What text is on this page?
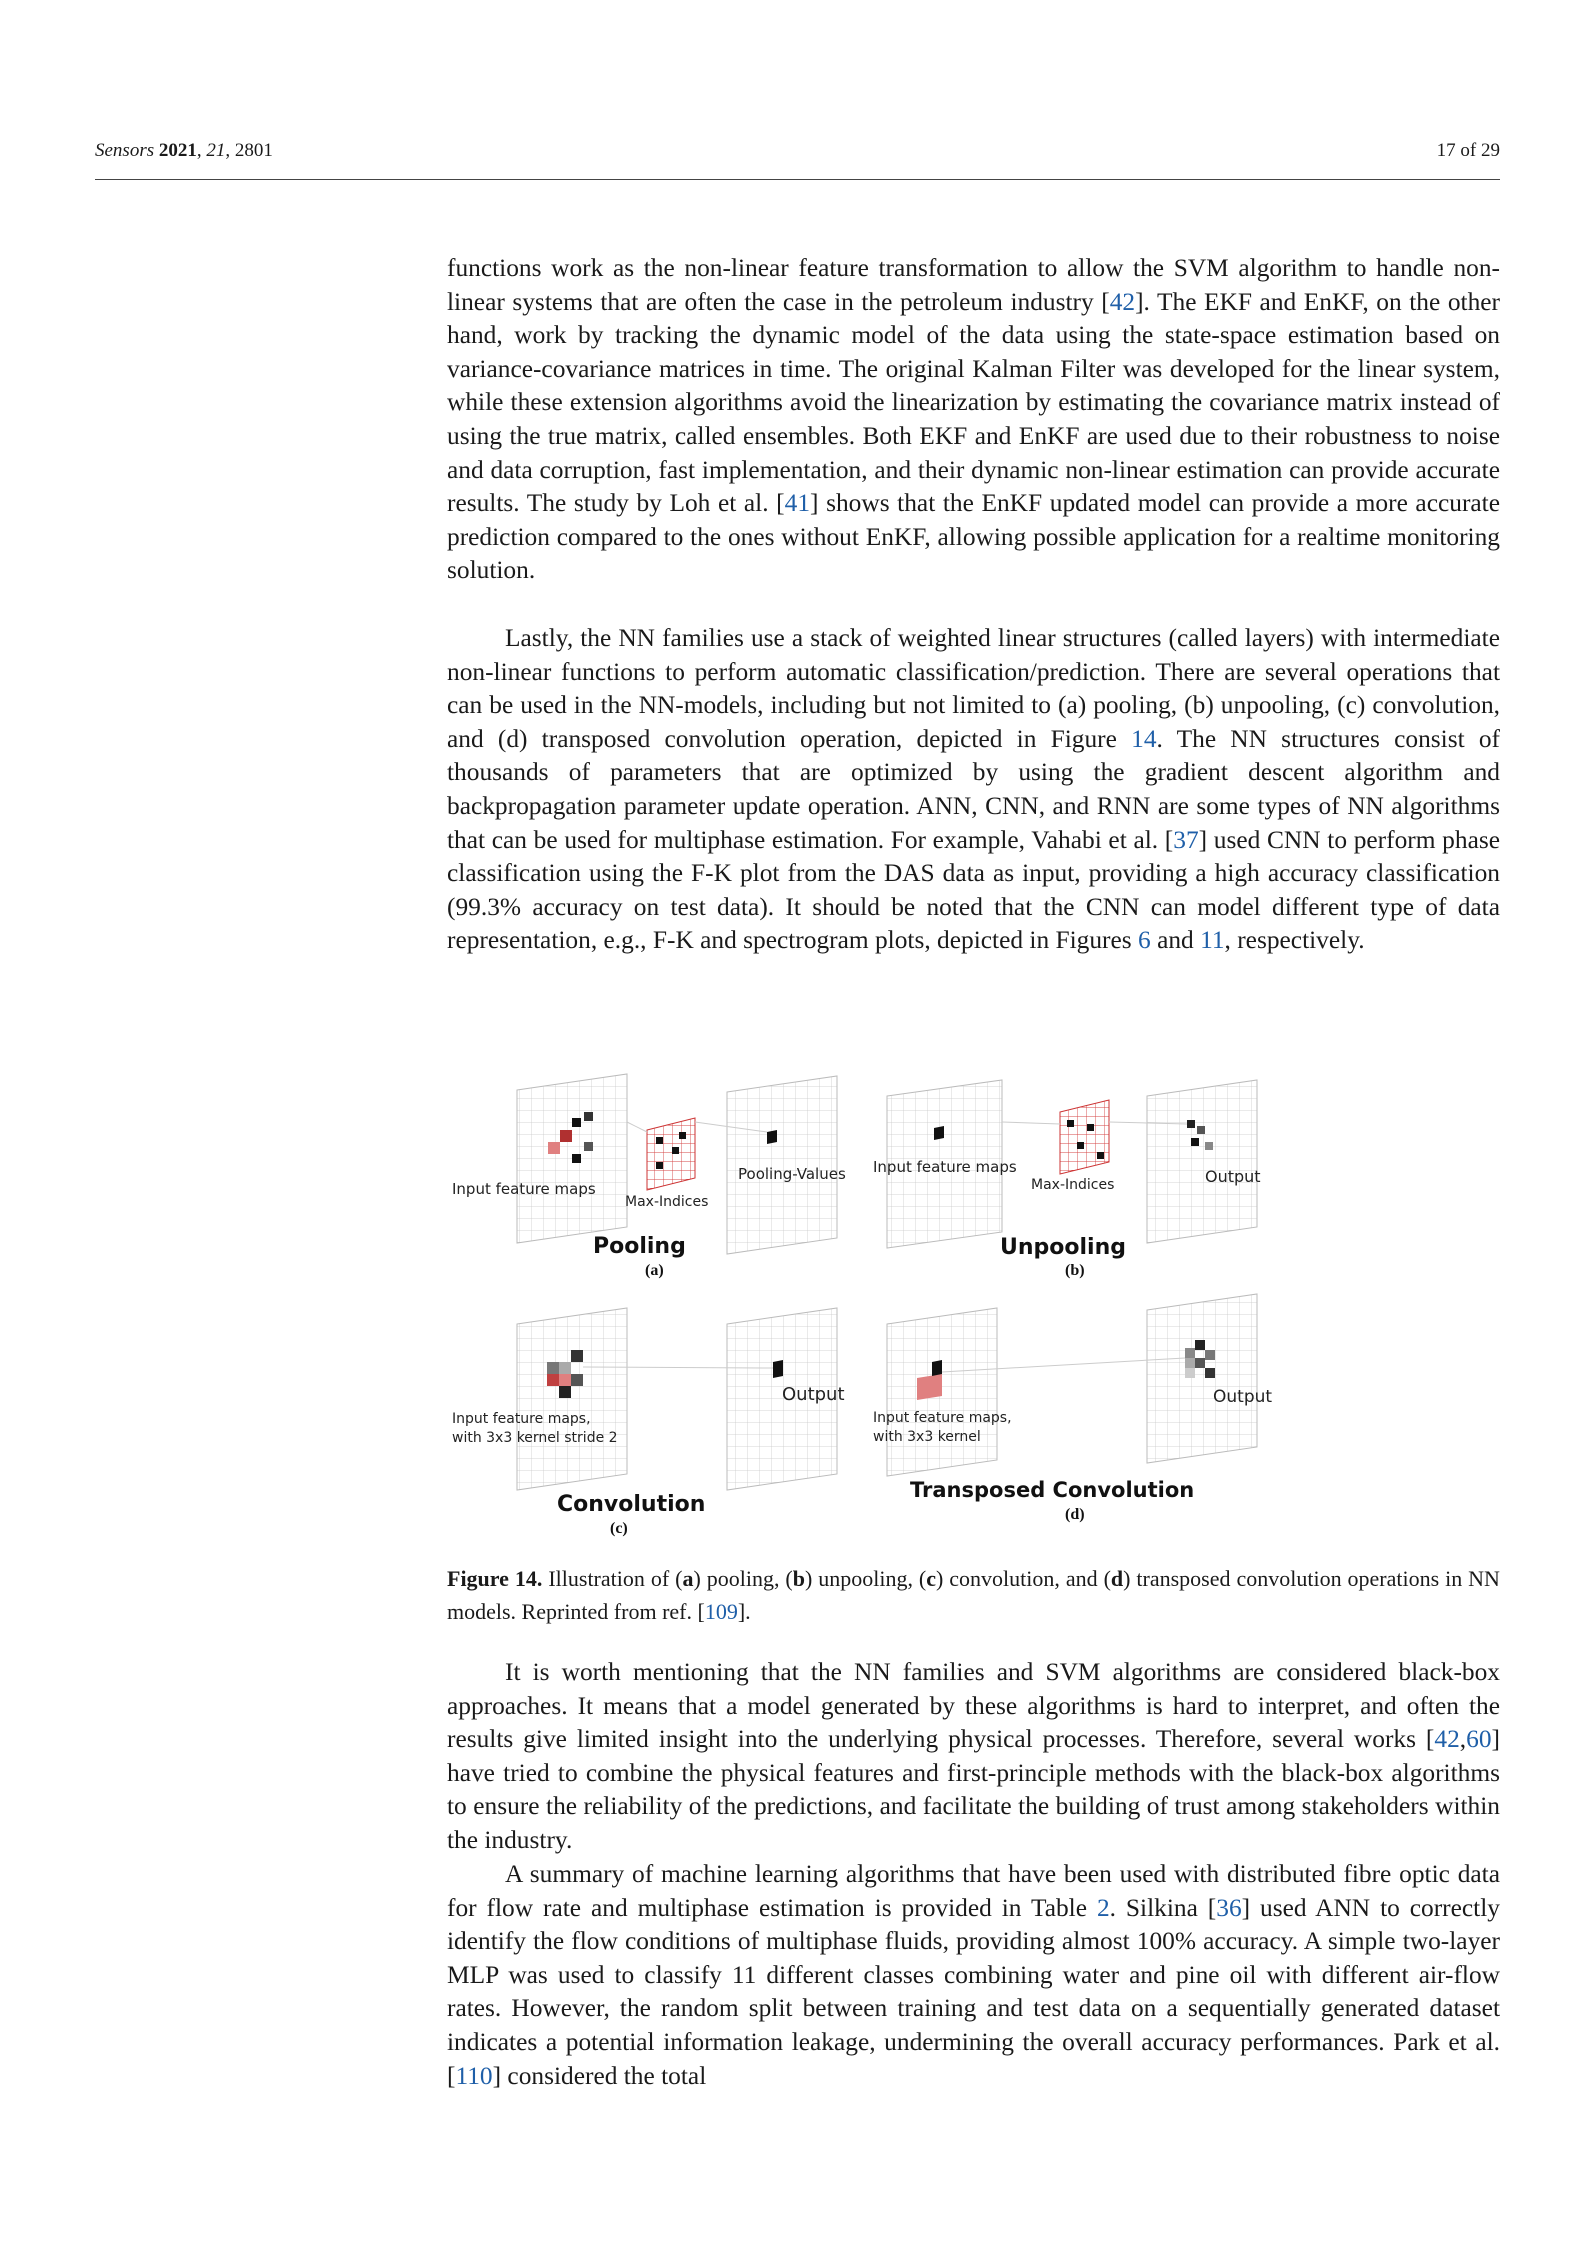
Sensors 2021, 21, 2801	17 of 29

functions work as the non-linear feature transformation to allow the SVM algorithm to handle non-linear systems that are often the case in the petroleum industry [42]. The EKF and EnKF, on the other hand, work by tracking the dynamic model of the data using the state-space estimation based on variance-covariance matrices in time. The original Kalman Filter was developed for the linear system, while these extension algorithms avoid the linearization by estimating the covariance matrix instead of using the true matrix, called ensembles. Both EKF and EnKF are used due to their robustness to noise and data corruption, fast implementation, and their dynamic non-linear estimation can provide accurate results. The study by Loh et al. [41] shows that the EnKF updated model can provide a more accurate prediction compared to the ones without EnKF, allowing possible application for a realtime monitoring solution.

Lastly, the NN families use a stack of weighted linear structures (called layers) with intermediate non-linear functions to perform automatic classification/prediction. There are several operations that can be used in the NN-models, including but not limited to (a) pooling, (b) unpooling, (c) convolution, and (d) transposed convolution operation, depicted in Figure 14. The NN structures consist of thousands of parameters that are optimized by using the gradient descent algorithm and backpropagation parameter update operation. ANN, CNN, and RNN are some types of NN algorithms that can be used for multiphase estimation. For example, Vahabi et al. [37] used CNN to perform phase classification using the F-K plot from the DAS data as input, providing a high accuracy classification (99.3% accuracy on test data). It should be noted that the CNN can model different type of data representation, e.g., F-K and spectrogram plots, depicted in Figures 6 and 11, respectively.

Input feature maps
Max-Indices
Pooling-Values
Pooling
(a)
Input feature maps
Max-Indices	Output
Unpooling
(b)
Input feature maps,
with 3x3 kernel stride 2
Output
Convolution
(c)
Input feature maps,
with 3x3 kernel
Output
Transposed Convolution
(d)

Figure 14. Illustration of (a) pooling, (b) unpooling, (c) convolution, and (d) transposed convolution operations in NN models. Reprinted from ref. [109].

It is worth mentioning that the NN families and SVM algorithms are considered black-box approaches. It means that a model generated by these algorithms is hard to interpret, and often the results give limited insight into the underlying physical processes. Therefore, several works [42,60] have tried to combine the physical features and first-principle methods with the black-box algorithms to ensure the reliability of the predictions, and facilitate the building of trust among stakeholders within the industry.

A summary of machine learning algorithms that have been used with distributed fibre optic data for flow rate and multiphase estimation is provided in Table 2. Silkina [36] used ANN to correctly identify the flow conditions of multiphase fluids, providing almost 100% accuracy. A simple two-layer MLP was used to classify 11 different classes combining water and pine oil with different air-flow rates. However, the random split between training and test data on a sequentially generated dataset indicates a potential information leakage, undermining the overall accuracy performances. Park et al. [110] considered the total
